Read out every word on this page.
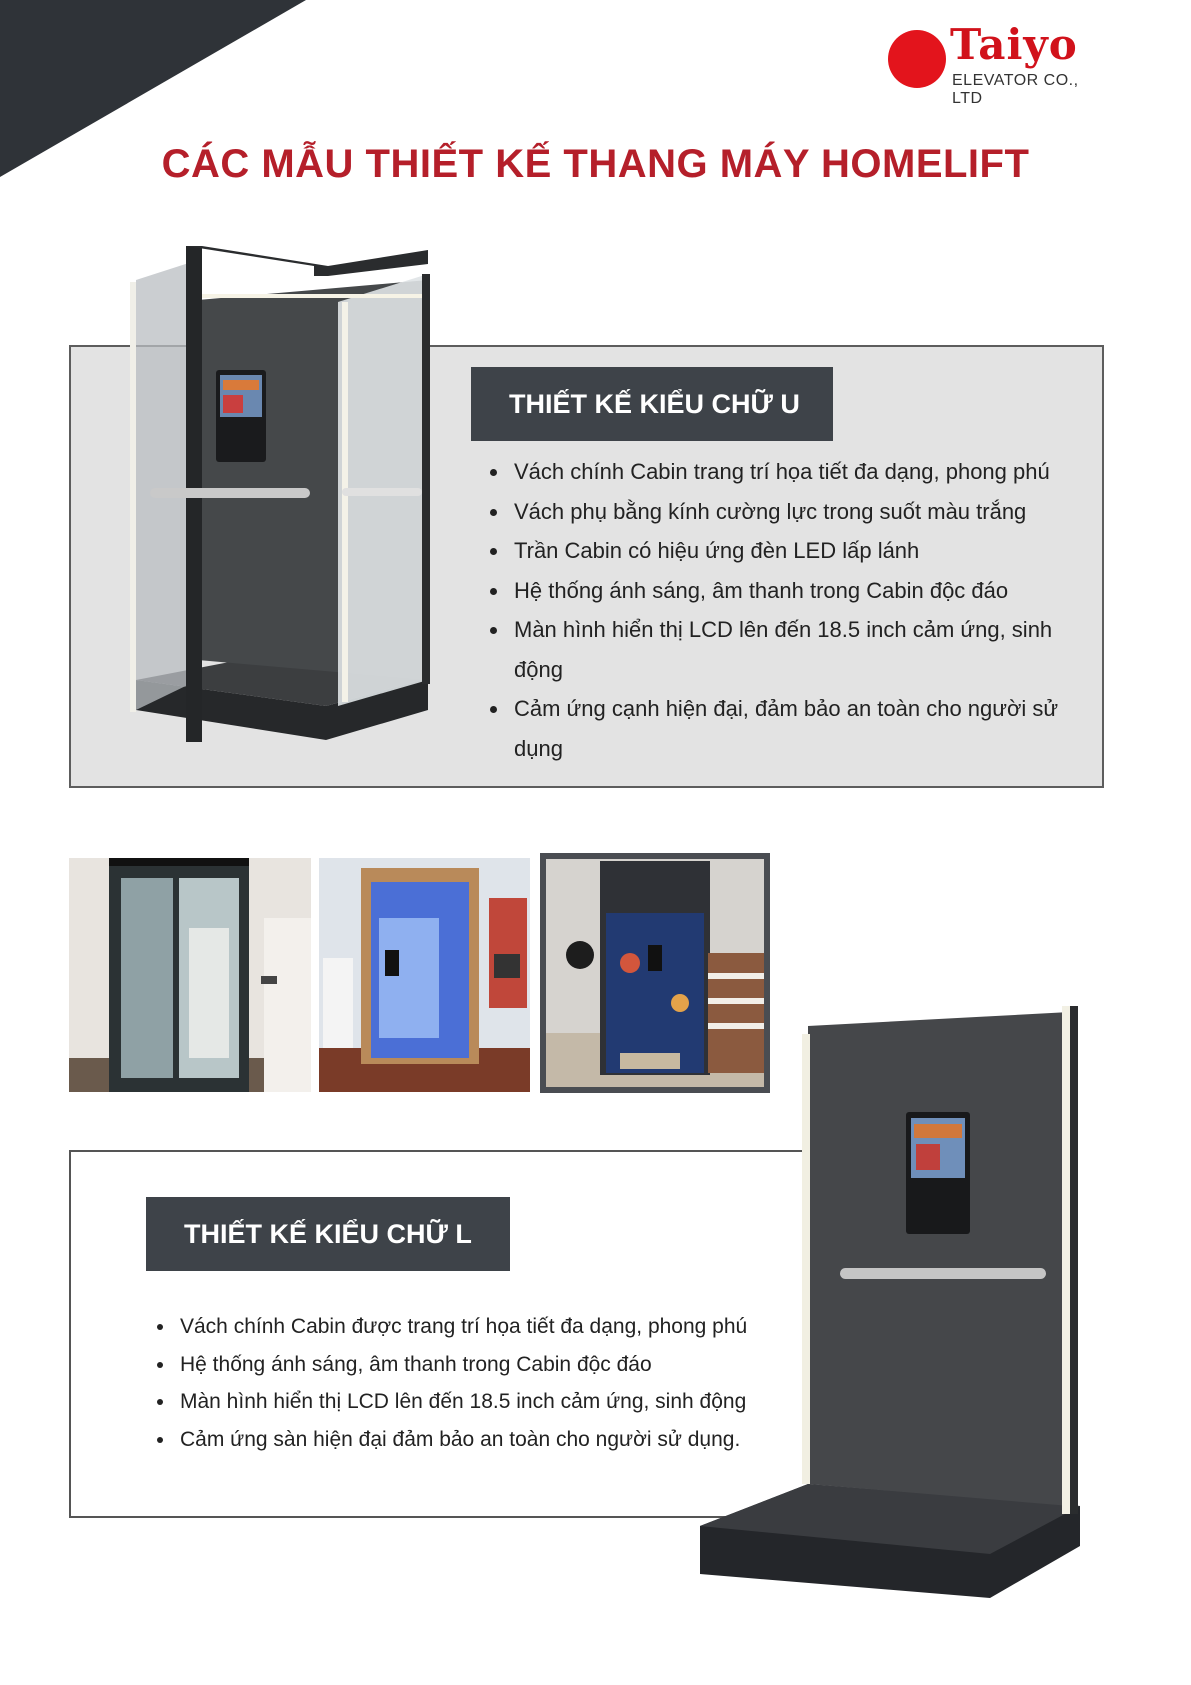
Taiyo
ELEVATOR CO., LTD
CÁC MẪU THIẾT KẾ THANG MÁY HOMELIFT
THIẾT KẾ KIỂU CHỮ U
• Vách chính Cabin trang trí họa tiết đa dạng, phong phú
• Vách phụ bằng kính cường lực trong suốt màu trắng
• Trần Cabin có hiệu ứng đèn LED lấp lánh
• Hệ thống ánh sáng, âm thanh trong Cabin độc đáo
• Màn hình hiển thị LCD lên đến 18.5 inch cảm ứng, sinh động
• Cảm ứng cạnh hiện đại, đảm bảo an toàn cho người sử dụng
THIẾT KẾ KIỂU CHỮ L
• Vách chính Cabin được trang trí họa tiết đa dạng, phong phú
• Hệ thống ánh sáng, âm thanh trong Cabin độc đáo
• Màn hình hiển thị LCD lên đến 18.5 inch cảm ứng, sinh động
• Cảm ứng sàn hiện đại đảm bảo an toàn cho người sử dụng.
